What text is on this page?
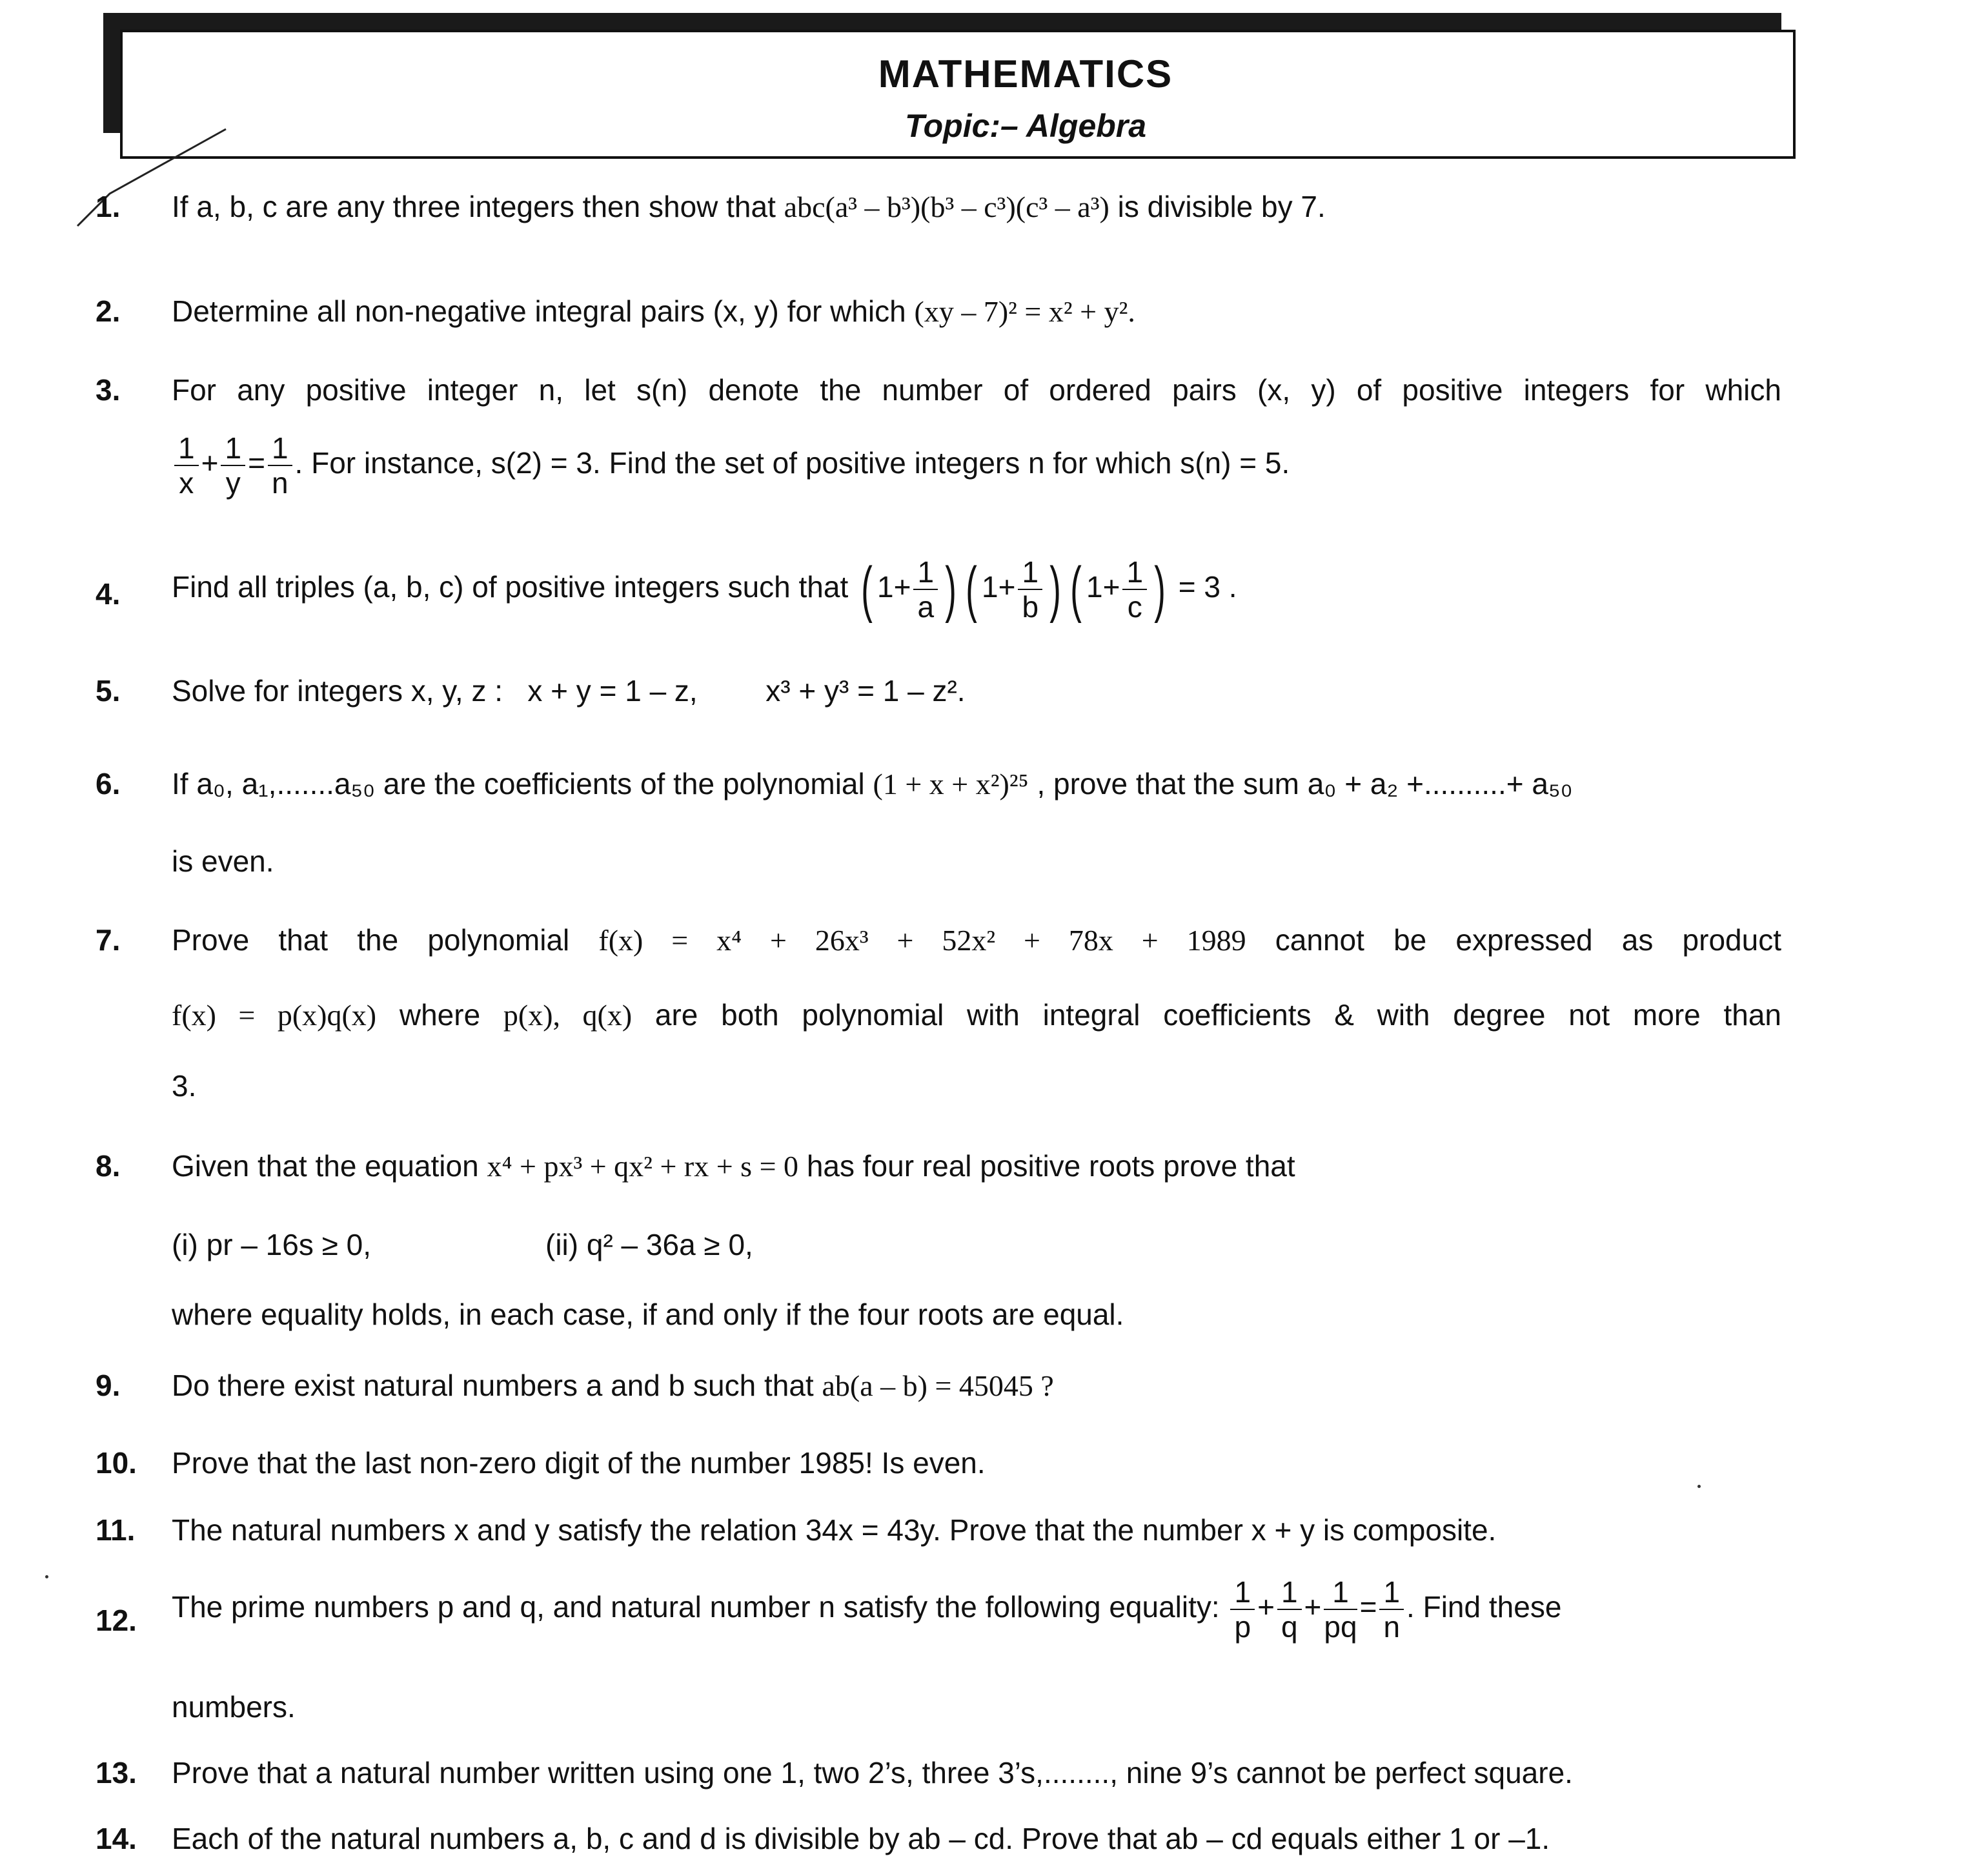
MATHEMATICS
Topic:– Algebra
1.	If a, b, c are any three integers then show that abc(a³ – b³)(b³ – c³)(c³ – a³) is divisible by 7.
2.	Determine all non-negative integral pairs (x, y) for which (xy – 7)² = x² + y².
3.	For any positive integer n, let s(n) denote the number of ordered pairs (x, y) of positive integers for which
$\frac{1}{x} + \frac{1}{y} = \frac{1}{n}$ . For instance, s(2) = 3. Find the set of positive integers n for which s(n) = 5.
4.	Find all triples (a, b, c) of positive integers such that ( $1+ \frac{1}{a}$ ) ( $1+ \frac{1}{b}$ ) ( $1+ \frac{1}{c}$ ) = 3 .
5.	Solve for integers x, y, z : x + y = 1 – z, x³ + y³ = 1 – z².
6.	If a₀, a₁,.......a₅₀ are the coefficients of the polynomial (1 + x + x²)²⁵ , prove that the sum a₀ + a₂ +..........+ a₅₀
is even.
7.	Prove that the polynomial f(x) = x⁴ + 26x³ + 52x² + 78x + 1989 cannot be expressed as product
f(x) = p(x)q(x) where p(x), q(x) are both polynomial with integral coefficients & with degree not more than
3.
8.	Given that the equation x⁴ + px³ + qx² + rx + s = 0 has four real positive roots prove that
(i) pr – 16s ≥ 0,	(ii) q² – 36a ≥ 0,
where equality holds, in each case, if and only if the four roots are equal.
9.	Do there exist natural numbers a and b such that ab(a – b) = 45045 ?
10. Prove that the last non-zero digit of the number 1985! Is even.
11. The natural numbers x and y satisfy the relation 34x = 43y. Prove that the number x + y is composite.
12. The prime numbers p and q, and natural number n satisfy the following equality: $\frac{1}{p} + \frac{1}{q} + \frac{1}{pq} = \frac{1}{n}$ . Find these
numbers.
13. Prove that a natural number written using one 1, two 2’s, three 3’s,........, nine 9’s cannot be perfect square.
14. Each of the natural numbers a, b, c and d is divisible by ab – cd. Prove that ab – cd equals either 1 or –1.
